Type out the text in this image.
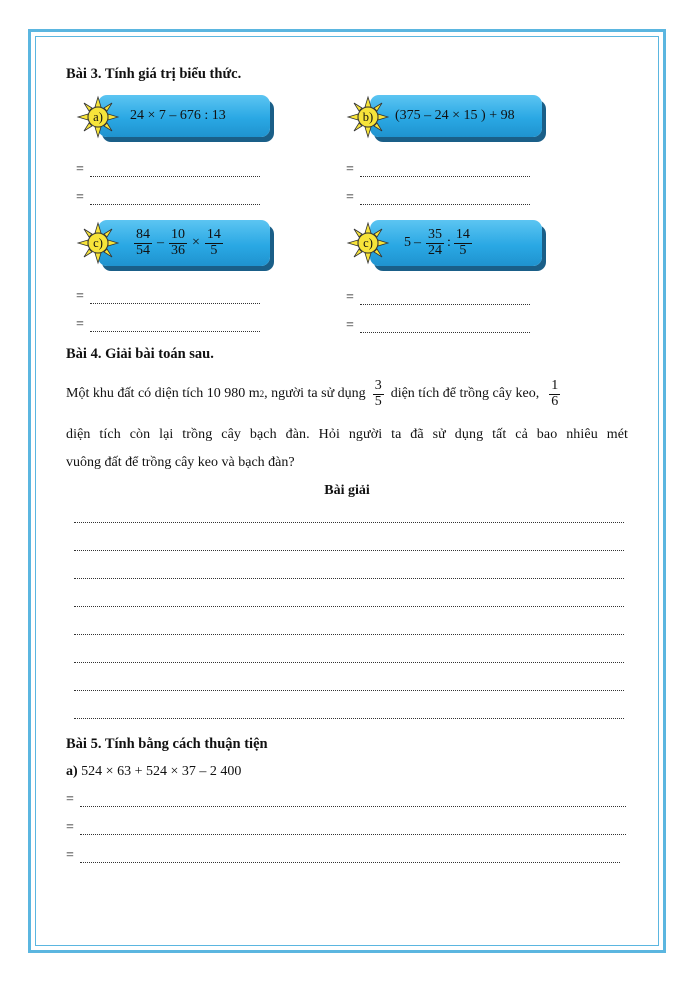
Bài 3. Tính giá trị biểu thức.
24 × 7 – 676 : 13
a)	(375 – 24 × 15 ) + 98
b)
=
=
=
=
$\frac{84}{54} - \frac{10}{36} \times \frac{14}{5}$
c)	$5 - \frac{35}{24}$ : $\frac{14}{5}$
c)
=
=
=
=
Bài 4. Giải bài toán sau.
Một khu đất có diện tích 10 980 m 2 , người ta sử dụng $\frac{3}{5}$ diện tích để trồng cây keo, $\frac{1}{6}$
diện tích còn lại trồng cây bạch đàn. Hỏi người ta đã sử dụng tất cả bao nhiêu mét
vuông đất để trồng cây keo và bạch đàn?
Bài giải
Bài 5. Tính bằng cách thuận tiện
a) 524 × 63 + 524 × 37 – 2 400
=
=
=
